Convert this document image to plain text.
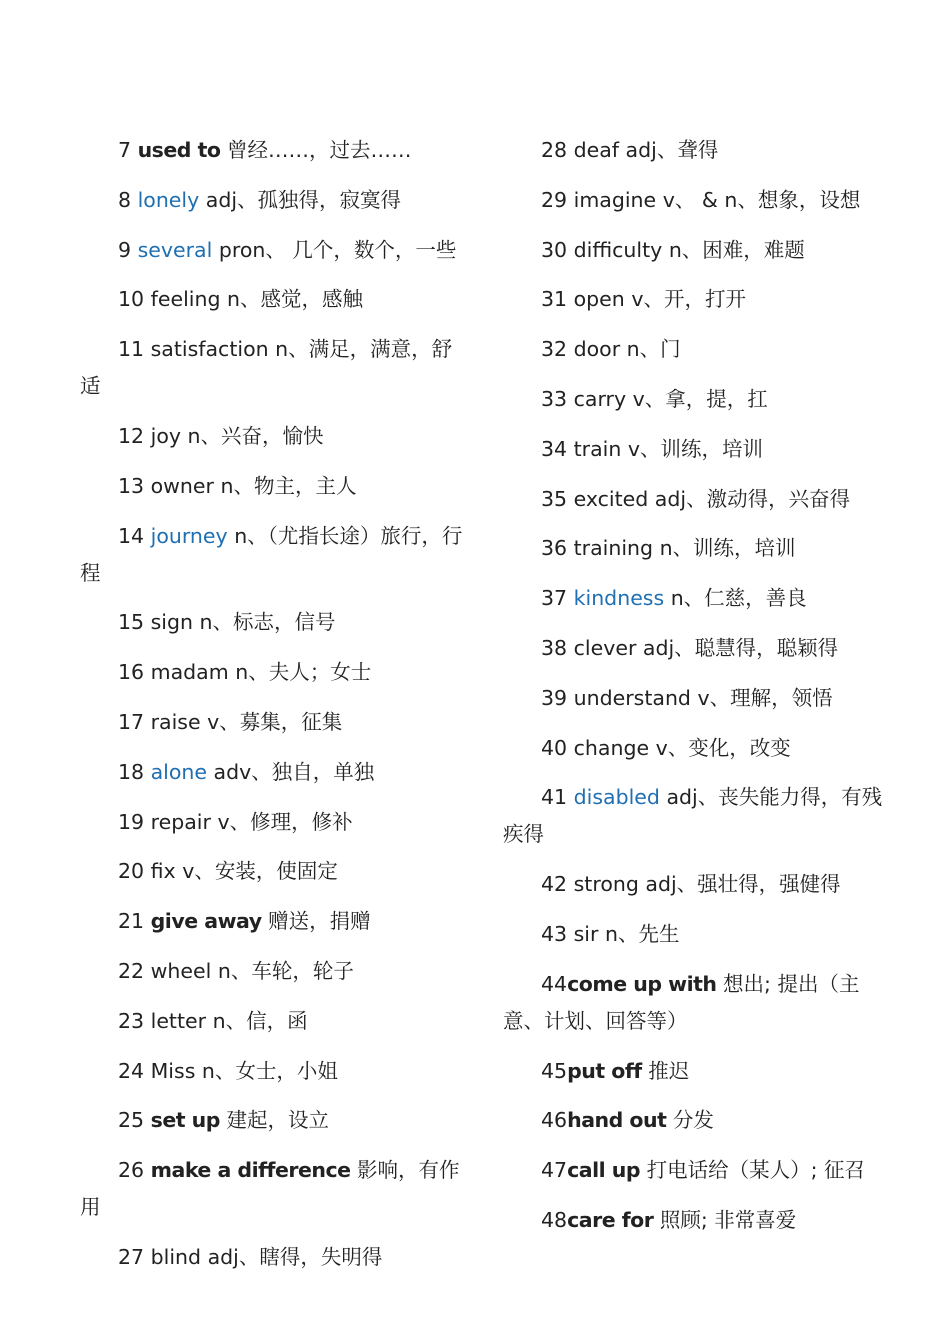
7 used to 曾经……，过去……
8 lonely adj、孤独得，寂寞得
9 several pron、 几个，数个，一些
10 feeling n、感觉，感触
11 satisfaction n、满足，满意，舒适
12 joy n、兴奋，愉快
13 owner n、物主，主人
14 journey n、（尤指长途）旅行，行程
15 sign n、标志，信号
16 madam n、夫人；女士
17 raise v、募集，征集
18 alone adv、独自，单独
19 repair v、修理，修补
20 fix v、安装，使固定
21 give away 赠送，捐赠
22 wheel n、车轮，轮子
23 letter n、信，函
24 Miss n、女士，小姐
25 set up 建起，设立
26 make a difference 影响，有作用
27 blind adj、瞎得，失明得
28 deaf adj、聋得
29 imagine v、 & n、想象，设想
30 difficulty n、困难，难题
31 open v、开，打开
32 door n、门
33 carry v、拿，提，扛
34 train v、训练，培训
35 excited adj、激动得，兴奋得
36 training n、训练，培训
37 kindness n、仁慈，善良
38 clever adj、聪慧得，聪颖得
39 understand v、理解，领悟
40 change v、变化，改变
41 disabled adj、丧失能力得，有残疾得
42 strong adj、强壮得，强健得
43 sir n、先生
44come up with 想出; 提出（主意、计划、回答等）
45put off 推迟
46hand out 分发
47call up 打电话给（某人）; 征召
48care for 照顾; 非常喜爱
